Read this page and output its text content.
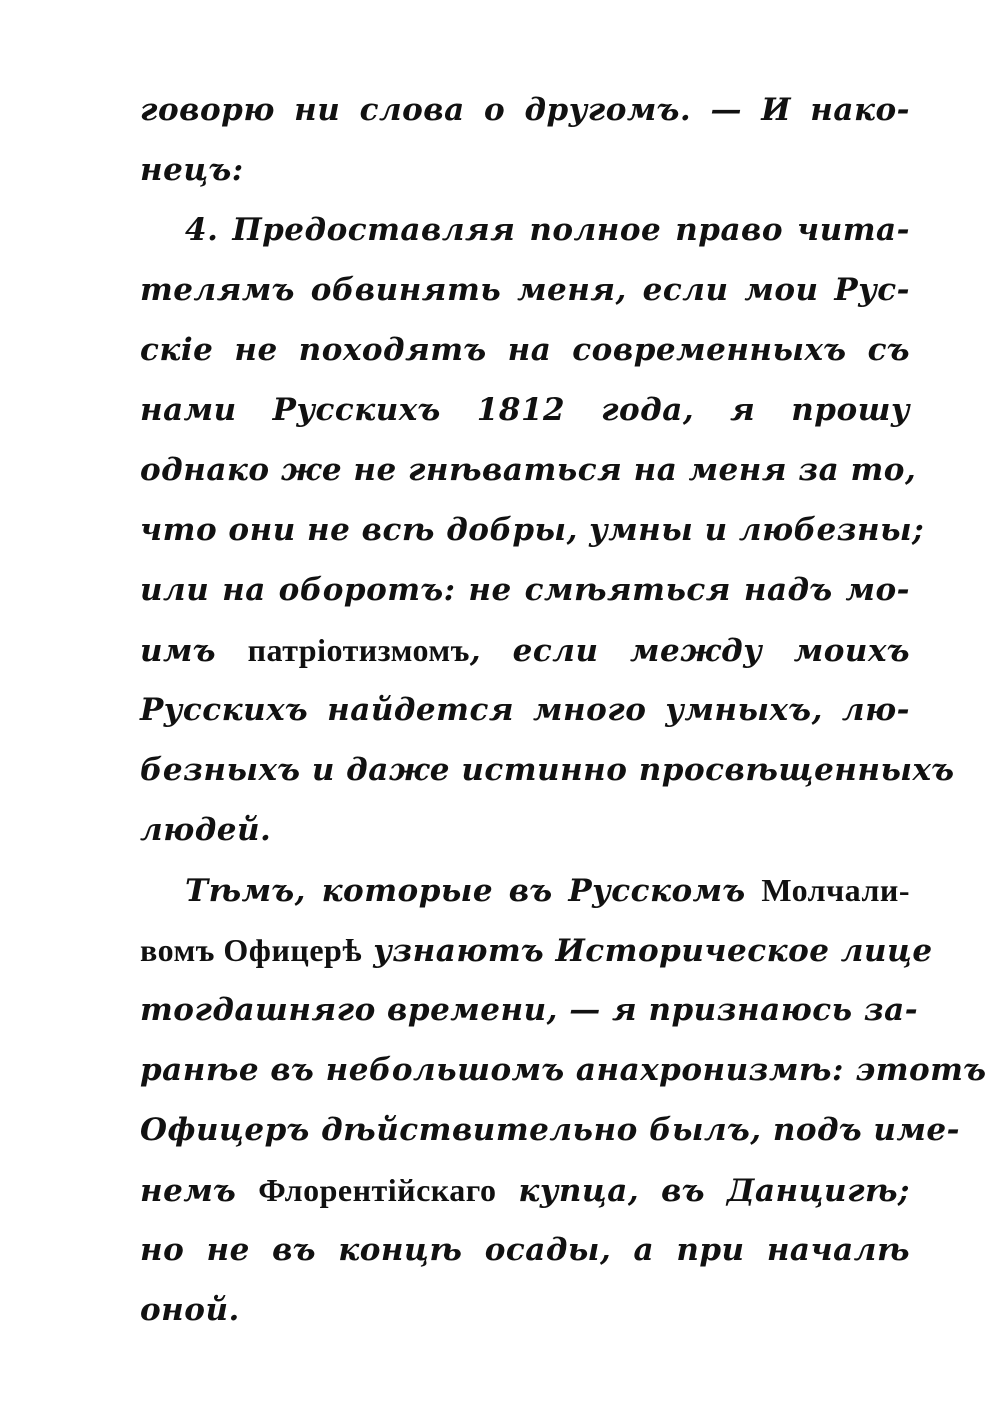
говорю ни слова о другомъ. — И нако-
нецъ:
4. Предоставляя полное право чита-
телямъ обвинять меня, если мои Рус-
скіе не походятъ на современныхъ съ
нами Русскихъ 1812 года, я прошу
однако же не гнѣваться на меня за то,
что они не всѣ добры, умны и любезны;
или на оборотъ: не смѣяться надъ мо-
имъ патріотизмомъ, если между моихъ
Русскихъ найдется много умныхъ, лю-
безныхъ и даже истинно просвѣщенныхъ
людей.
Тѣмъ, которые въ Русскомъ Молчали-
вомъ Офицерѣ узнаютъ Историческое лице
тогдашняго времени, — я признаюсь за-
ранѣе въ небольшомъ анахронизмѣ: этотъ
Офицеръ дѣйствительно былъ, подъ име-
немъ Флорентійскаго купца, въ Данцигѣ;
но не въ концѣ осады, а при началѣ
оной.
